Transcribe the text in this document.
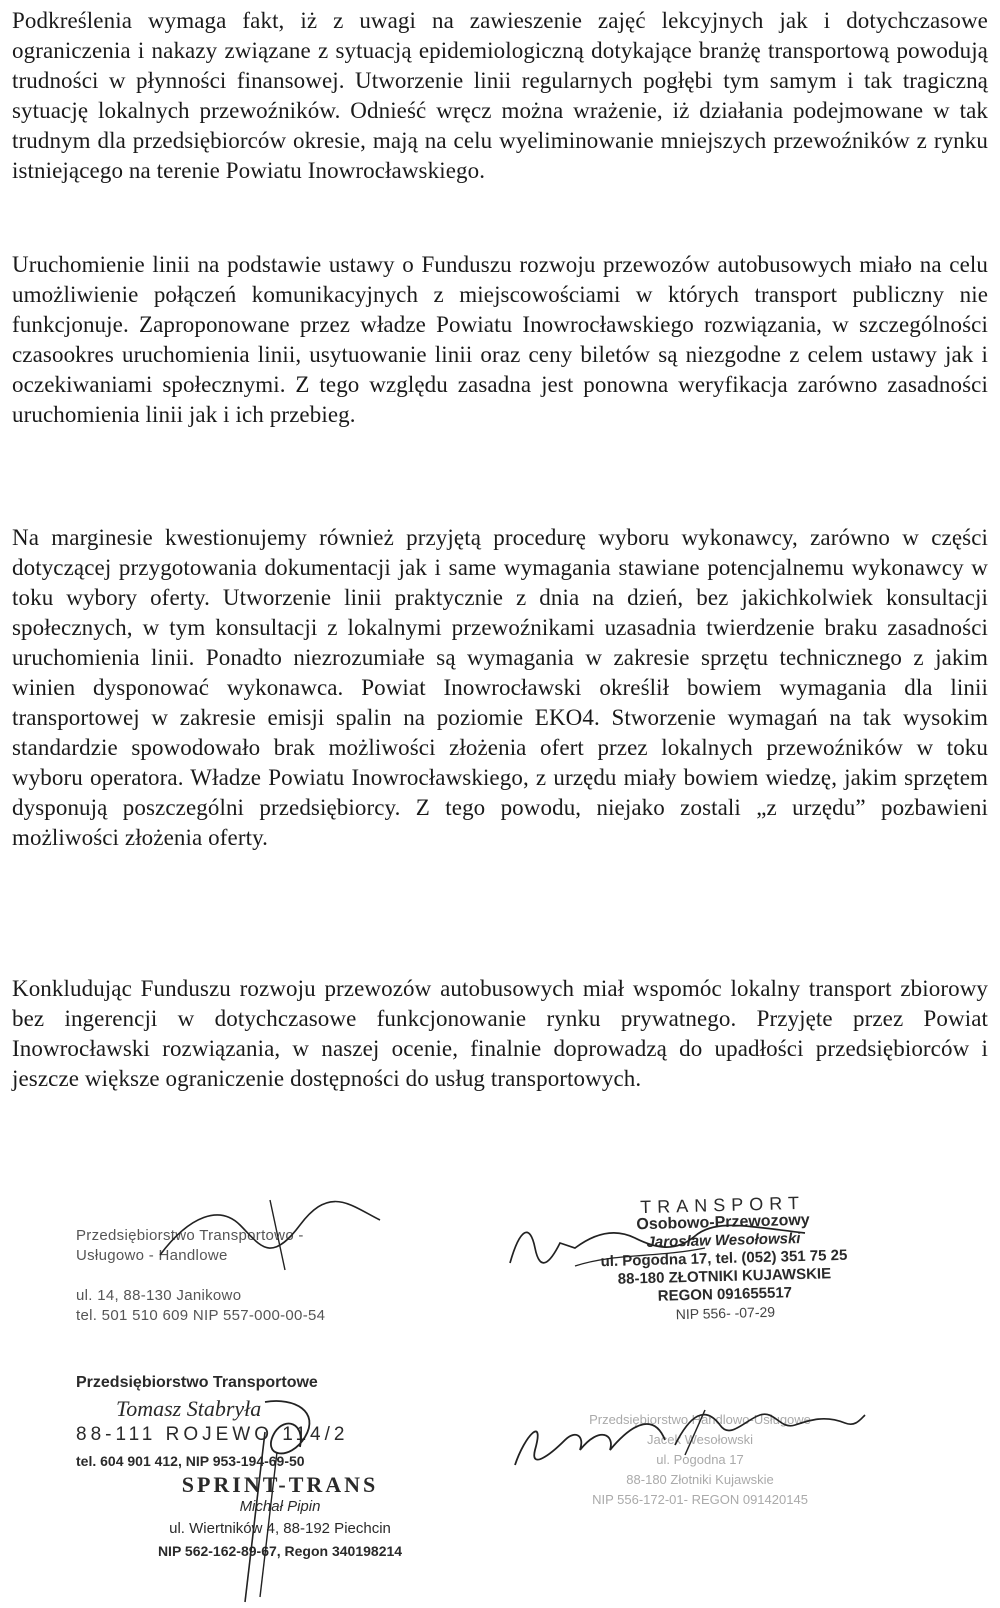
Podkreślenia wymaga fakt, iż z uwagi na zawieszenie zajęć lekcyjnych jak i dotychczasowe ograniczenia i nakazy związane z sytuacją epidemiologiczną dotykające branżę transportową powodują trudności w płynności finansowej. Utworzenie linii regularnych pogłębi tym samym i tak tragiczną sytuację lokalnych przewoźników. Odnieść wręcz można wrażenie, iż działania podejmowane w tak trudnym dla przedsiębiorców okresie, mają na celu wyeliminowanie mniejszych przewoźników z rynku istniejącego na terenie Powiatu Inowrocławskiego.

Uruchomienie linii na podstawie ustawy o Funduszu rozwoju przewozów autobusowych miało na celu umożliwienie połączeń komunikacyjnych z miejscowościami w których transport publiczny nie funkcjonuje. Zaproponowane przez władze Powiatu Inowrocławskiego rozwiązania, w szczególności czasookres uruchomienia linii, usytuowanie linii oraz ceny biletów są niezgodne z celem ustawy jak i oczekiwaniami społecznymi. Z tego względu zasadna jest ponowna weryfikacja zarówno zasadności uruchomienia linii jak i ich przebieg.

Na marginesie kwestionujemy również przyjętą procedurę wyboru wykonawcy, zarówno w części dotyczącej przygotowania dokumentacji jak i same wymagania stawiane potencjalnemu wykonawcy w toku wybory oferty. Utworzenie linii praktycznie z dnia na dzień, bez jakichkolwiek konsultacji społecznych, w tym konsultacji z lokalnymi przewoźnikami uzasadnia twierdzenie braku zasadności uruchomienia linii. Ponadto niezrozumiałe są wymagania w zakresie sprzętu technicznego z jakim winien dysponować wykonawca. Powiat Inowrocławski określił bowiem wymagania dla linii transportowej w zakresie emisji spalin na poziomie EKO4. Stworzenie wymagań na tak wysokim standardzie spowodowało brak możliwości złożenia ofert przez lokalnych przewoźników w toku wyboru operatora. Władze Powiatu Inowrocławskiego, z urzędu miały bowiem wiedzę, jakim sprzętem dysponują poszczególni przedsiębiorcy. Z tego powodu, niejako zostali „z urzędu” pozbawieni możliwości złożenia oferty.

Konkludując Funduszu rozwoju przewozów autobusowych miał wspomóc lokalny transport zbiorowy bez ingerencji w dotychczasowe funkcjonowanie rynku prywatnego. Przyjęte przez Powiat Inowrocławski rozwiązania, w naszej ocenie, finalnie doprowadzą do upadłości przedsiębiorców i jeszcze większe ograniczenie dostępności do usług transportowych.

Przedsiębiorstwo Transportowo -
Usługowo - Handlowe

ul. 14, 88-130 Janikowo
tel. 501 510 609 NIP 557-000-00-54
Przedsiębiorstwo Transportowe
Tomasz Stabryła
88-111 ROJEWO 114/2
tel. 604 901 412, NIP 953-194-69-50
SPRINT-TRANS
Michał Pipin
ul. Wiertników 4, 88-192 Piechcin
NIP 562-162-89-67, Regon 340198214
TRANSPORT
Osobowo-Przewozowy
Jarosław Wesołowski
ul. Pogodna 17, tel. (052) 351 75 25
88-180 ZŁOTNIKI KUJAWSKIE
REGON 091655517
NIP 556- -07-29
Przedsiębiorstwo Handlowo-Usługowe
Jacek Wesołowski
ul. Pogodna 17
88-180 Złotniki Kujawskie
NIP 556-172-01- REGON 091420145
